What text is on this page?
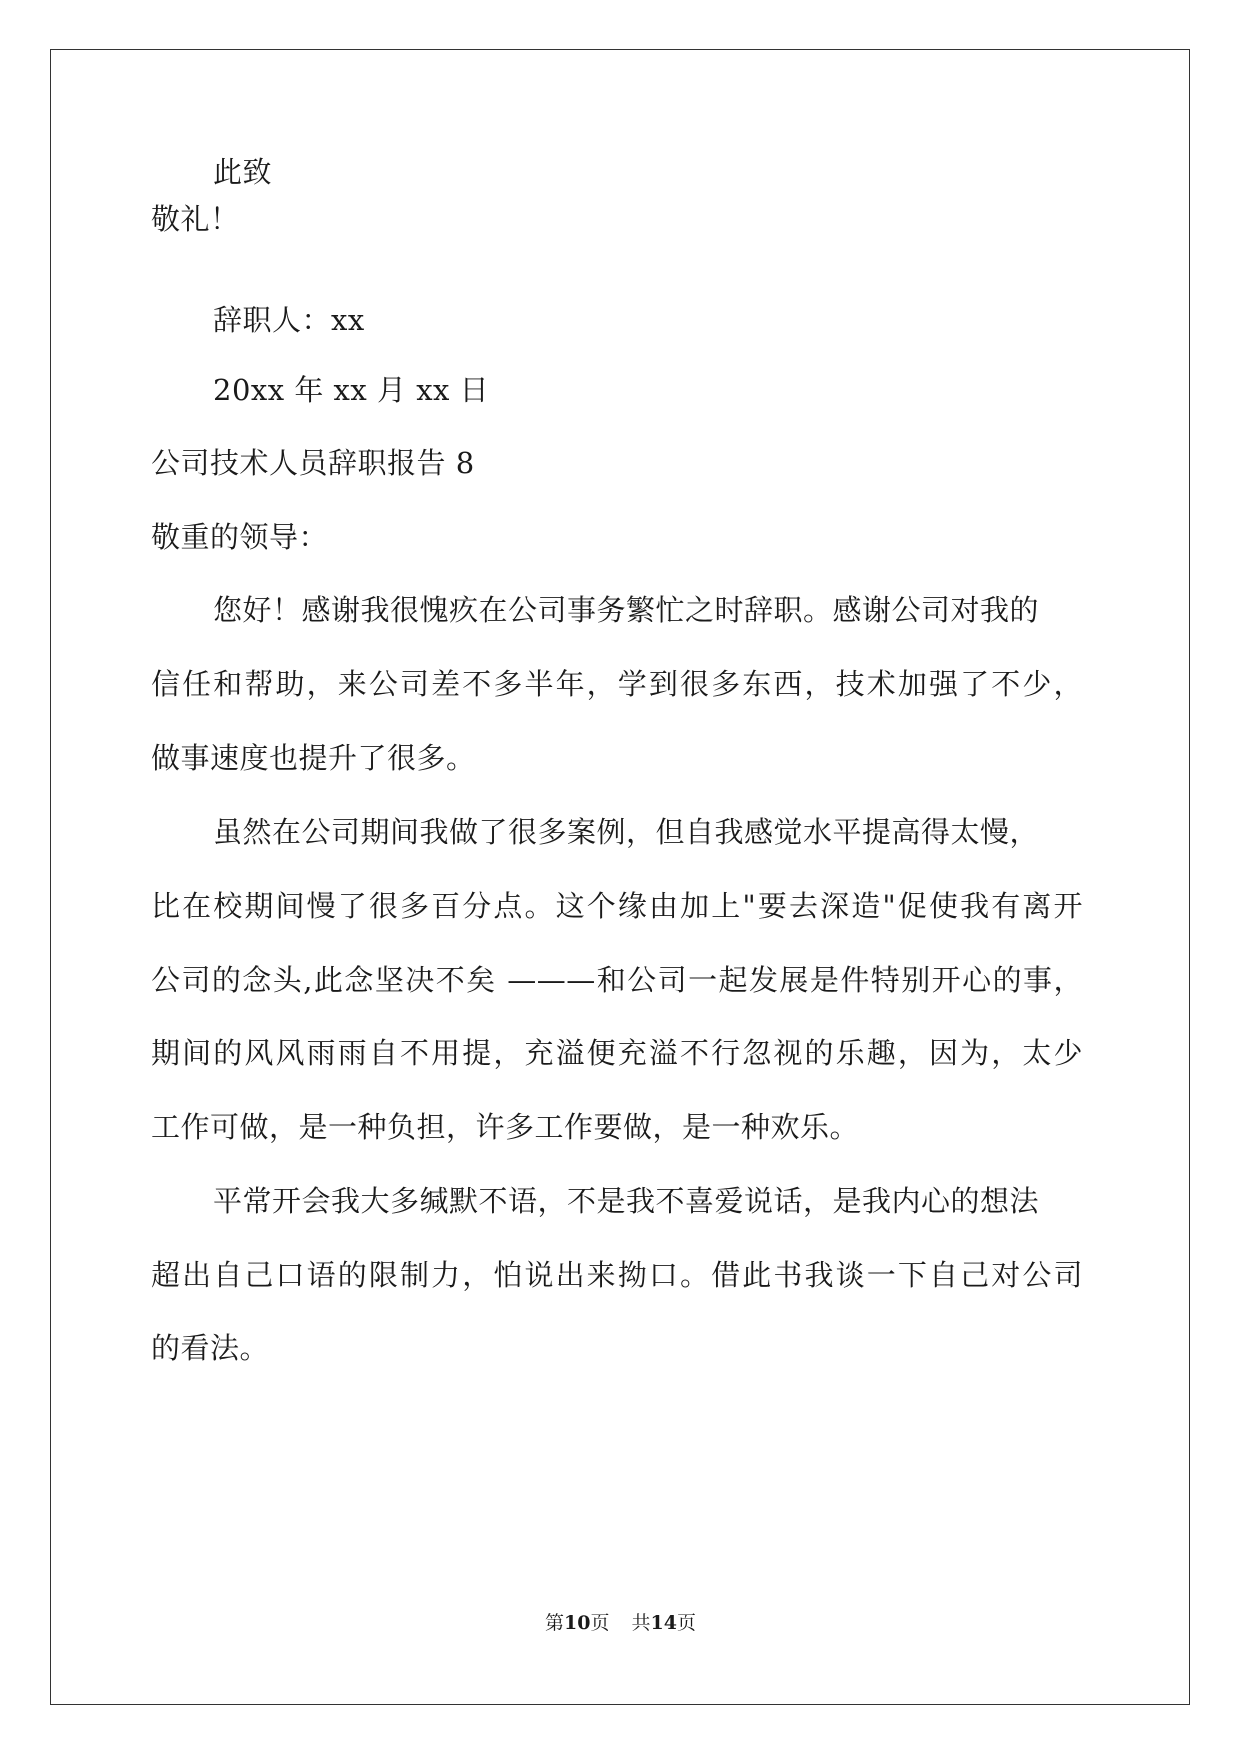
此致
敬礼！
辞职人：xx
20xx 年 xx 月 xx 日
公司技术人员辞职报告 8
敬重的领导：
您好！感谢我很愧疚在公司事务繁忙之时辞职。感谢公司对我的
信任和帮助，来公司差不多半年，学到很多东西，技术加强了不少，
做事速度也提升了很多。
虽然在公司期间我做了很多案例，但自我感觉水平提高得太慢，
比在校期间慢了很多百分点。这个缘由加上"要去深造"促使我有离开
公司的念头,此念坚决不矣 ———和公司一起发展是件特别开心的事，
期间的风风雨雨自不用提，充溢便充溢不行忽视的乐趣，因为，太少
工作可做，是一种负担，许多工作要做，是一种欢乐。
平常开会我大多缄默不语，不是我不喜爱说话，是我内心的想法
超出自己口语的限制力，怕说出来拗口。借此书我谈一下自己对公司
的看法。
第10页 共14页
